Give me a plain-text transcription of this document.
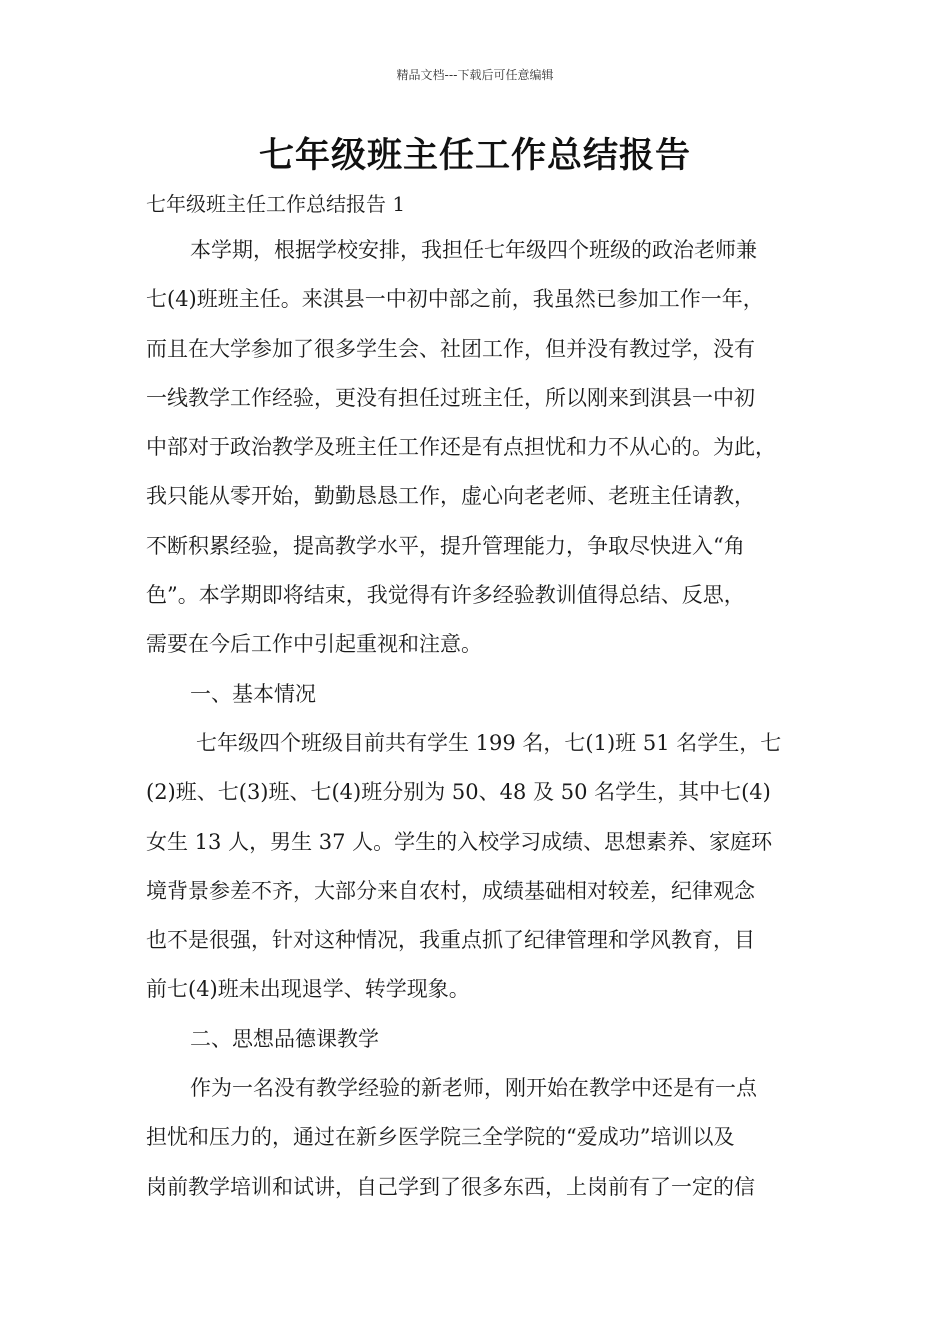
精品文档---下载后可任意编辑
七年级班主任工作总结报告
七年级班主任工作总结报告 1
本学期，根据学校安排，我担任七年级四个班级的政治老师兼
七(4)班班主任。来淇县一中初中部之前，我虽然已参加工作一年，
而且在大学参加了很多学生会、社团工作，但并没有教过学，没有
一线教学工作经验，更没有担任过班主任，所以刚来到淇县一中初
中部对于政治教学及班主任工作还是有点担忧和力不从心的。为此，
我只能从零开始，勤勤恳恳工作，虚心向老老师、老班主任请教，
不断积累经验，提高教学水平，提升管理能力，争取尽快进入“角
色”。本学期即将结束，我觉得有许多经验教训值得总结、反思，
需要在今后工作中引起重视和注意。
一、基本情况
七年级四个班级目前共有学生 199 名，七(1)班 51 名学生，七
(2)班、七(3)班、七(4)班分别为 50、48 及 50 名学生，其中七(4)
女生 13 人，男生 37 人。学生的入校学习成绩、思想素养、家庭环
境背景参差不齐，大部分来自农村，成绩基础相对较差，纪律观念
也不是很强，针对这种情况，我重点抓了纪律管理和学风教育，目
前七(4)班未出现退学、转学现象。
二、思想品德课教学
作为一名没有教学经验的新老师，刚开始在教学中还是有一点
担忧和压力的，通过在新乡医学院三全学院的“爱成功”培训以及
岗前教学培训和试讲，自己学到了很多东西，上岗前有了一定的信
